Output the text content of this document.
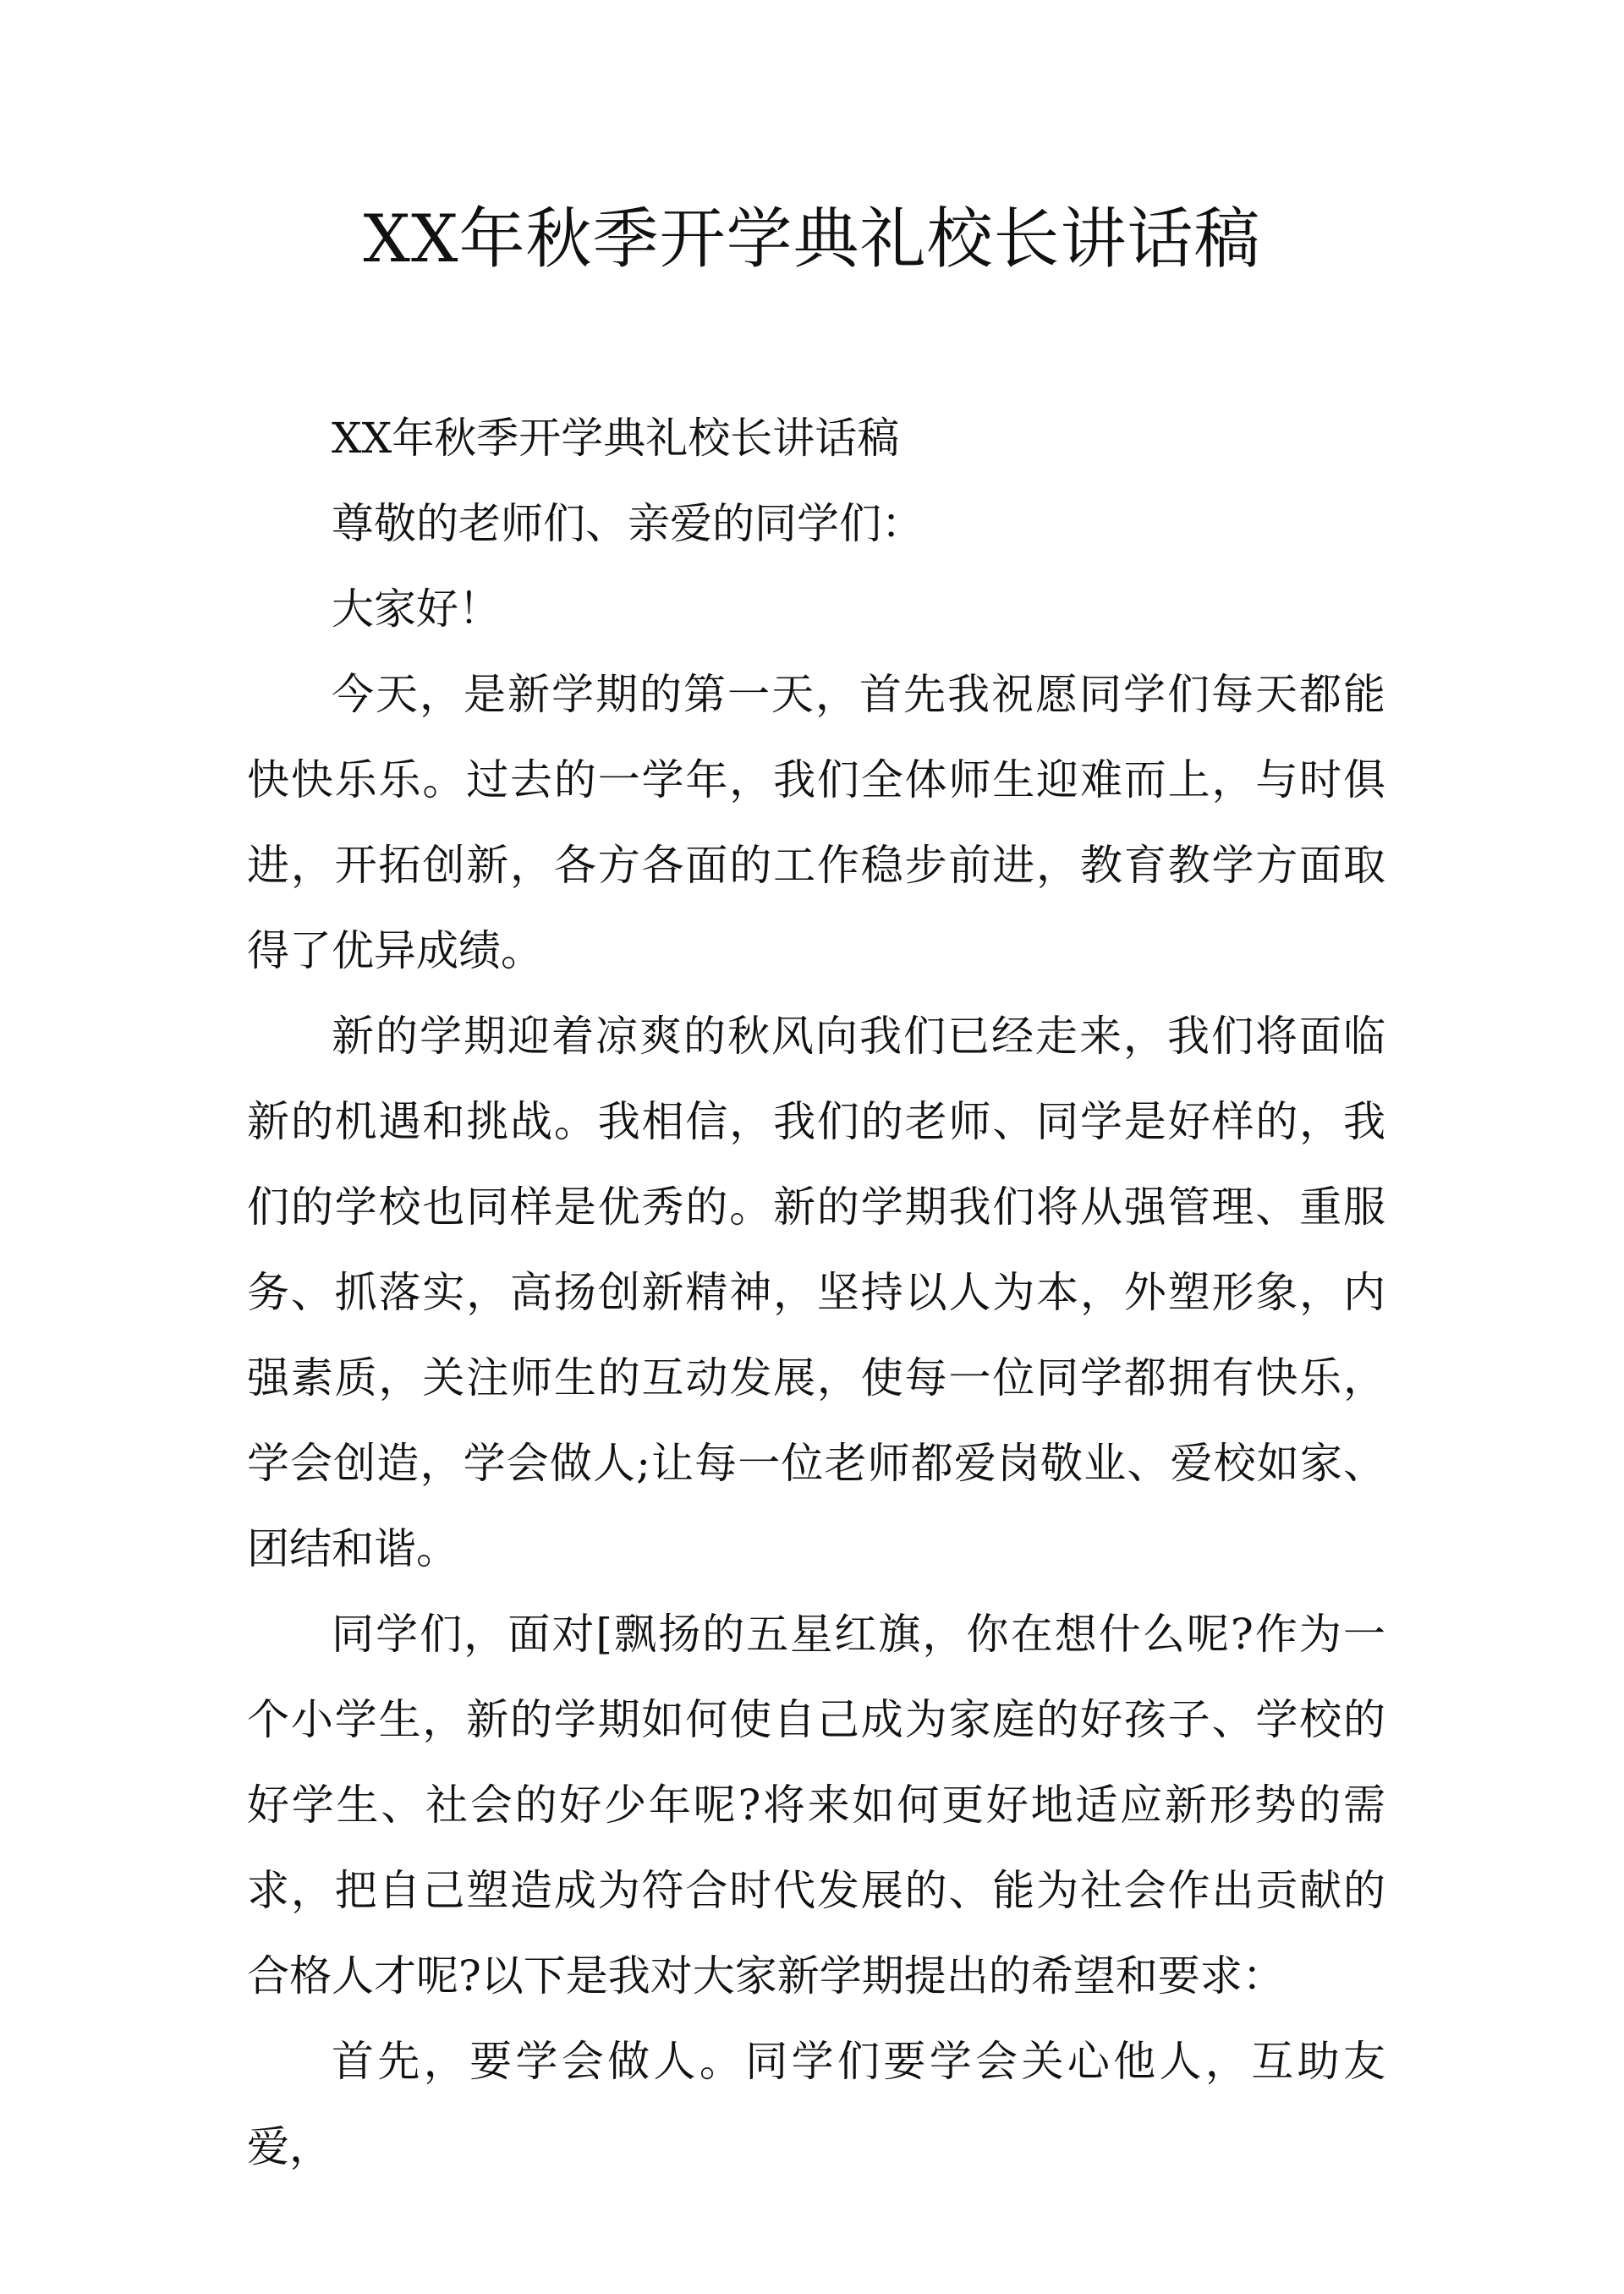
XX年秋季开学典礼校长讲话稿

XX年秋季开学典礼校长讲话稿

尊敬的老师们、亲爱的同学们：

大家好！

今天，是新学期的第一天，首先我祝愿同学们每天都能快快乐乐。过去的一学年，我们全体师生迎难而上，与时俱进，开拓创新，各方各面的工作稳步前进，教育教学方面取得了优异成绩。

新的学期迎着凉爽的秋风向我们已经走来，我们将面临新的机遇和挑战。我相信，我们的老师、同学是好样的，我们的学校也同样是优秀的。新的学期我们将从强管理、重服务、抓落实，高扬创新精神，坚持以人为本，外塑形象，内强素质，关注师生的互动发展，使每一位同学都拥有快乐，学会创造，学会做人;让每一位老师都爱岗敬业、爱校如家、团结和谐。

同学们，面对[飘扬的五星红旗，你在想什么呢?作为一个小学生，新的学期如何使自己成为家庭的好孩子、学校的好学生、社会的好少年呢?将来如何更好地适应新形势的需求，把自己塑造成为符合时代发展的、能为社会作出贡献的合格人才呢?以下是我对大家新学期提出的希望和要求：

首先，要学会做人。同学们要学会关心他人，互助友爱，
